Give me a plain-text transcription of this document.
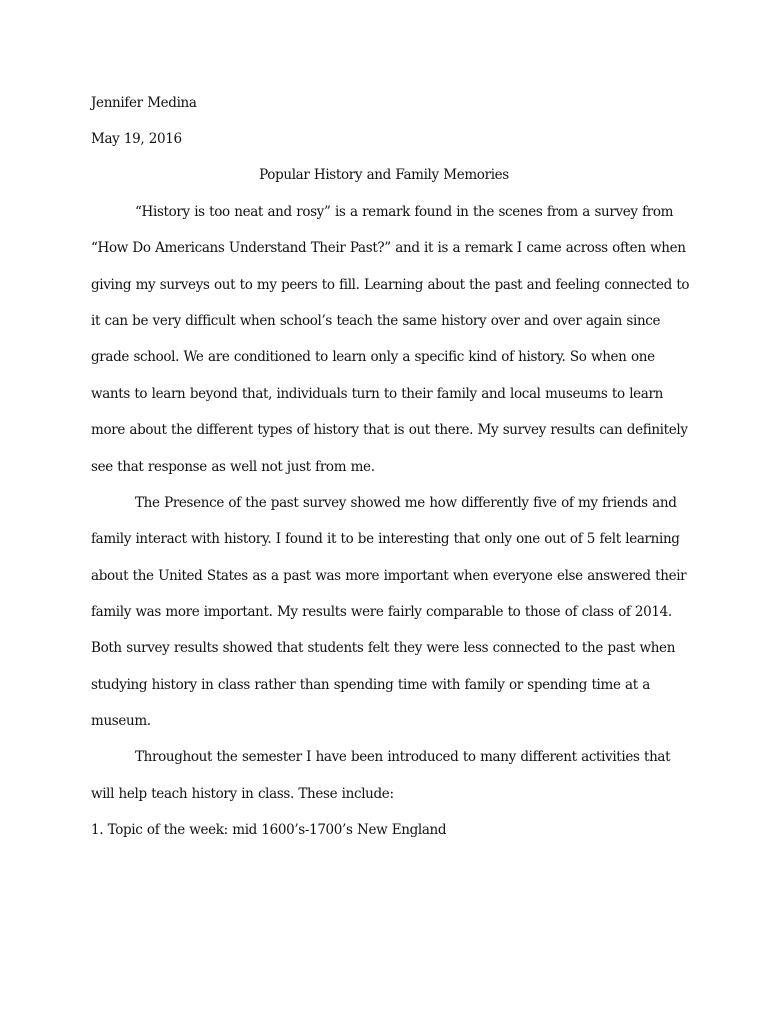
Jennifer Medina
May 19, 2016
Popular History and Family Memories
“History is too neat and rosy” is a remark found in the scenes from a survey from
“How Do Americans Understand Their Past?” and it is a remark I came across often when
giving my surveys out to my peers to fill. Learning about the past and feeling connected to
it can be very difficult when school’s teach the same history over and over again since
grade school. We are conditioned to learn only a specific kind of history. So when one
wants to learn beyond that, individuals turn to their family and local museums to learn
more about the different types of history that is out there. My survey results can definitely
see that response as well not just from me.
The Presence of the past survey showed me how differently five of my friends and
family interact with history. I found it to be interesting that only one out of 5 felt learning
about the United States as a past was more important when everyone else answered their
family was more important. My results were fairly comparable to those of class of 2014.
Both survey results showed that students felt they were less connected to the past when
studying history in class rather than spending time with family or spending time at a
museum.
Throughout the semester I have been introduced to many different activities that
will help teach history in class. These include:
1. Topic of the week: mid 1600’s-1700’s New England
